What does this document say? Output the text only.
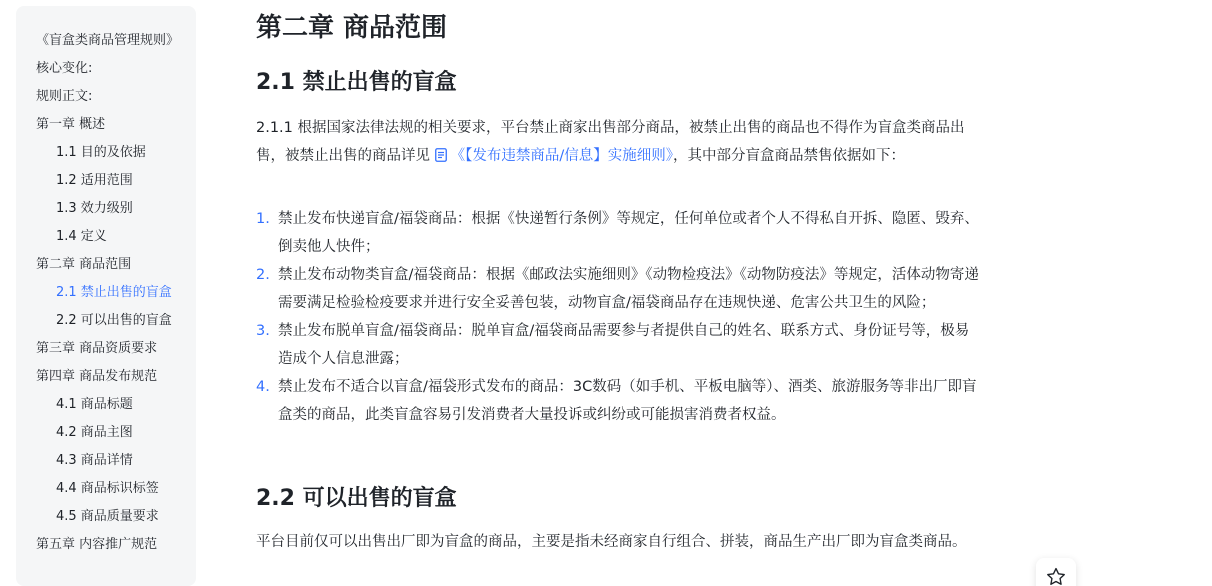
《盲盒类商品管理规则》
核心变化:
规则正文:
第一章 概述
1.1 目的及依据
1.2 适用范围
1.3 效力级别
1.4 定义
第二章 商品范围
2.1 禁止出售的盲盒
2.2 可以出售的盲盒
第三章 商品资质要求
第四章 商品发布规范
4.1 商品标题
4.2 商品主图
4.3 商品详情
4.4 商品标识标签
4.5 商品质量要求
第五章 内容推广规范
第二章 商品范围
2.1 禁止出售的盲盒
2.1.1 根据国家法律法规的相关要求，平台禁止商家出售部分商品，被禁止出售的商品也不得作为盲盒类商品出售，被禁止出售的商品详见 《【发布违禁商品/信息】实施细则》，其中部分盲盒商品禁售依据如下：
1. 禁止发布快递盲盒/福袋商品：根据《快递暂行条例》等规定，任何单位或者个人不得私自开拆、隐匿、毁弃、倒卖他人快件；
2. 禁止发布动物类盲盒/福袋商品：根据《邮政法实施细则》《动物检疫法》《动物防疫法》等规定，活体动物寄递需要满足检验检疫要求并进行安全妥善包装，动物盲盒/福袋商品存在违规快递、危害公共卫生的风险；
3. 禁止发布脱单盲盒/福袋商品：脱单盲盒/福袋商品需要参与者提供自己的姓名、联系方式、身份证号等，极易造成个人信息泄露；
4. 禁止发布不适合以盲盒/福袋形式发布的商品：3C数码（如手机、平板电脑等）、酒类、旅游服务等非出厂即盲盒类的商品，此类盲盒容易引发消费者大量投诉或纠纷或可能损害消费者权益。
2.2 可以出售的盲盒
平台目前仅可以出售出厂即为盲盒的商品，主要是指未经商家自行组合、拼装，商品生产出厂即为盲盒类商品。
